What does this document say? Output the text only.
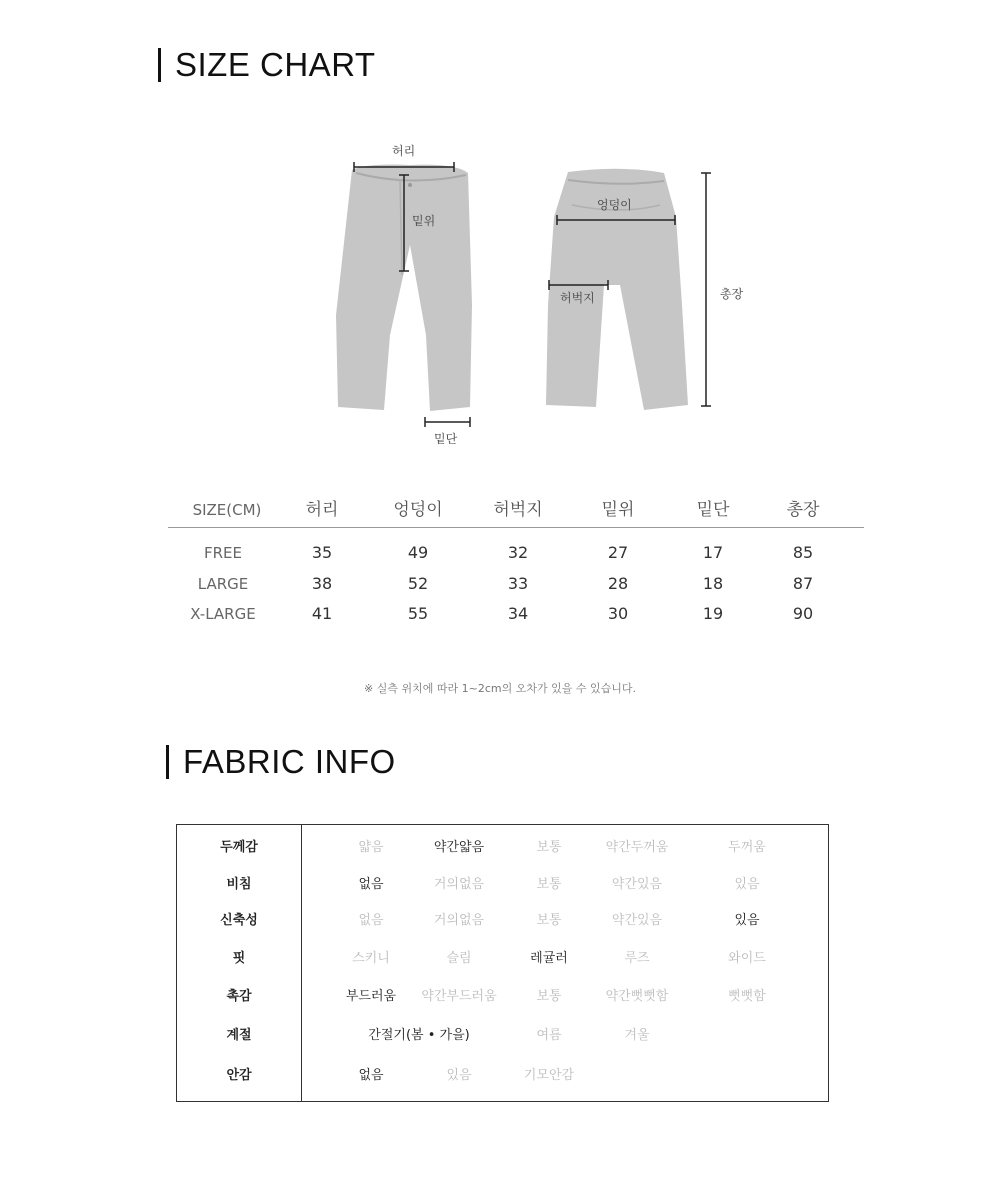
SIZE CHART
허리
밑위
밑단
엉덩이
허벅지	총장
SIZE(CM)	허리	엉덩이	허벅지	밑위	밑단	총장
FREE	35	49	32	27	17	85
LARGE	38	52	33	28	18	87
X-LARGE	41	55	34	30	19	90
※ 실측 위치에 따라 1~2cm의 오차가 있을 수 있습니다.
FABRIC INFO
두께감	얇음	약간얇음	보통	약간두꺼움	두꺼움
비침	없음	거의없음	보통	약간있음	있음
신축성	없음	거의없음	보통	약간있음	있음
핏	스키니	슬림	레귤러	루즈	와이드
촉감	부드러움	약간부드러움	보통	약간뻣뻣함	뻣뻣함
계절	간절기(봄 • 가을)	여름	겨울
안감	없음	있음	기모안감
